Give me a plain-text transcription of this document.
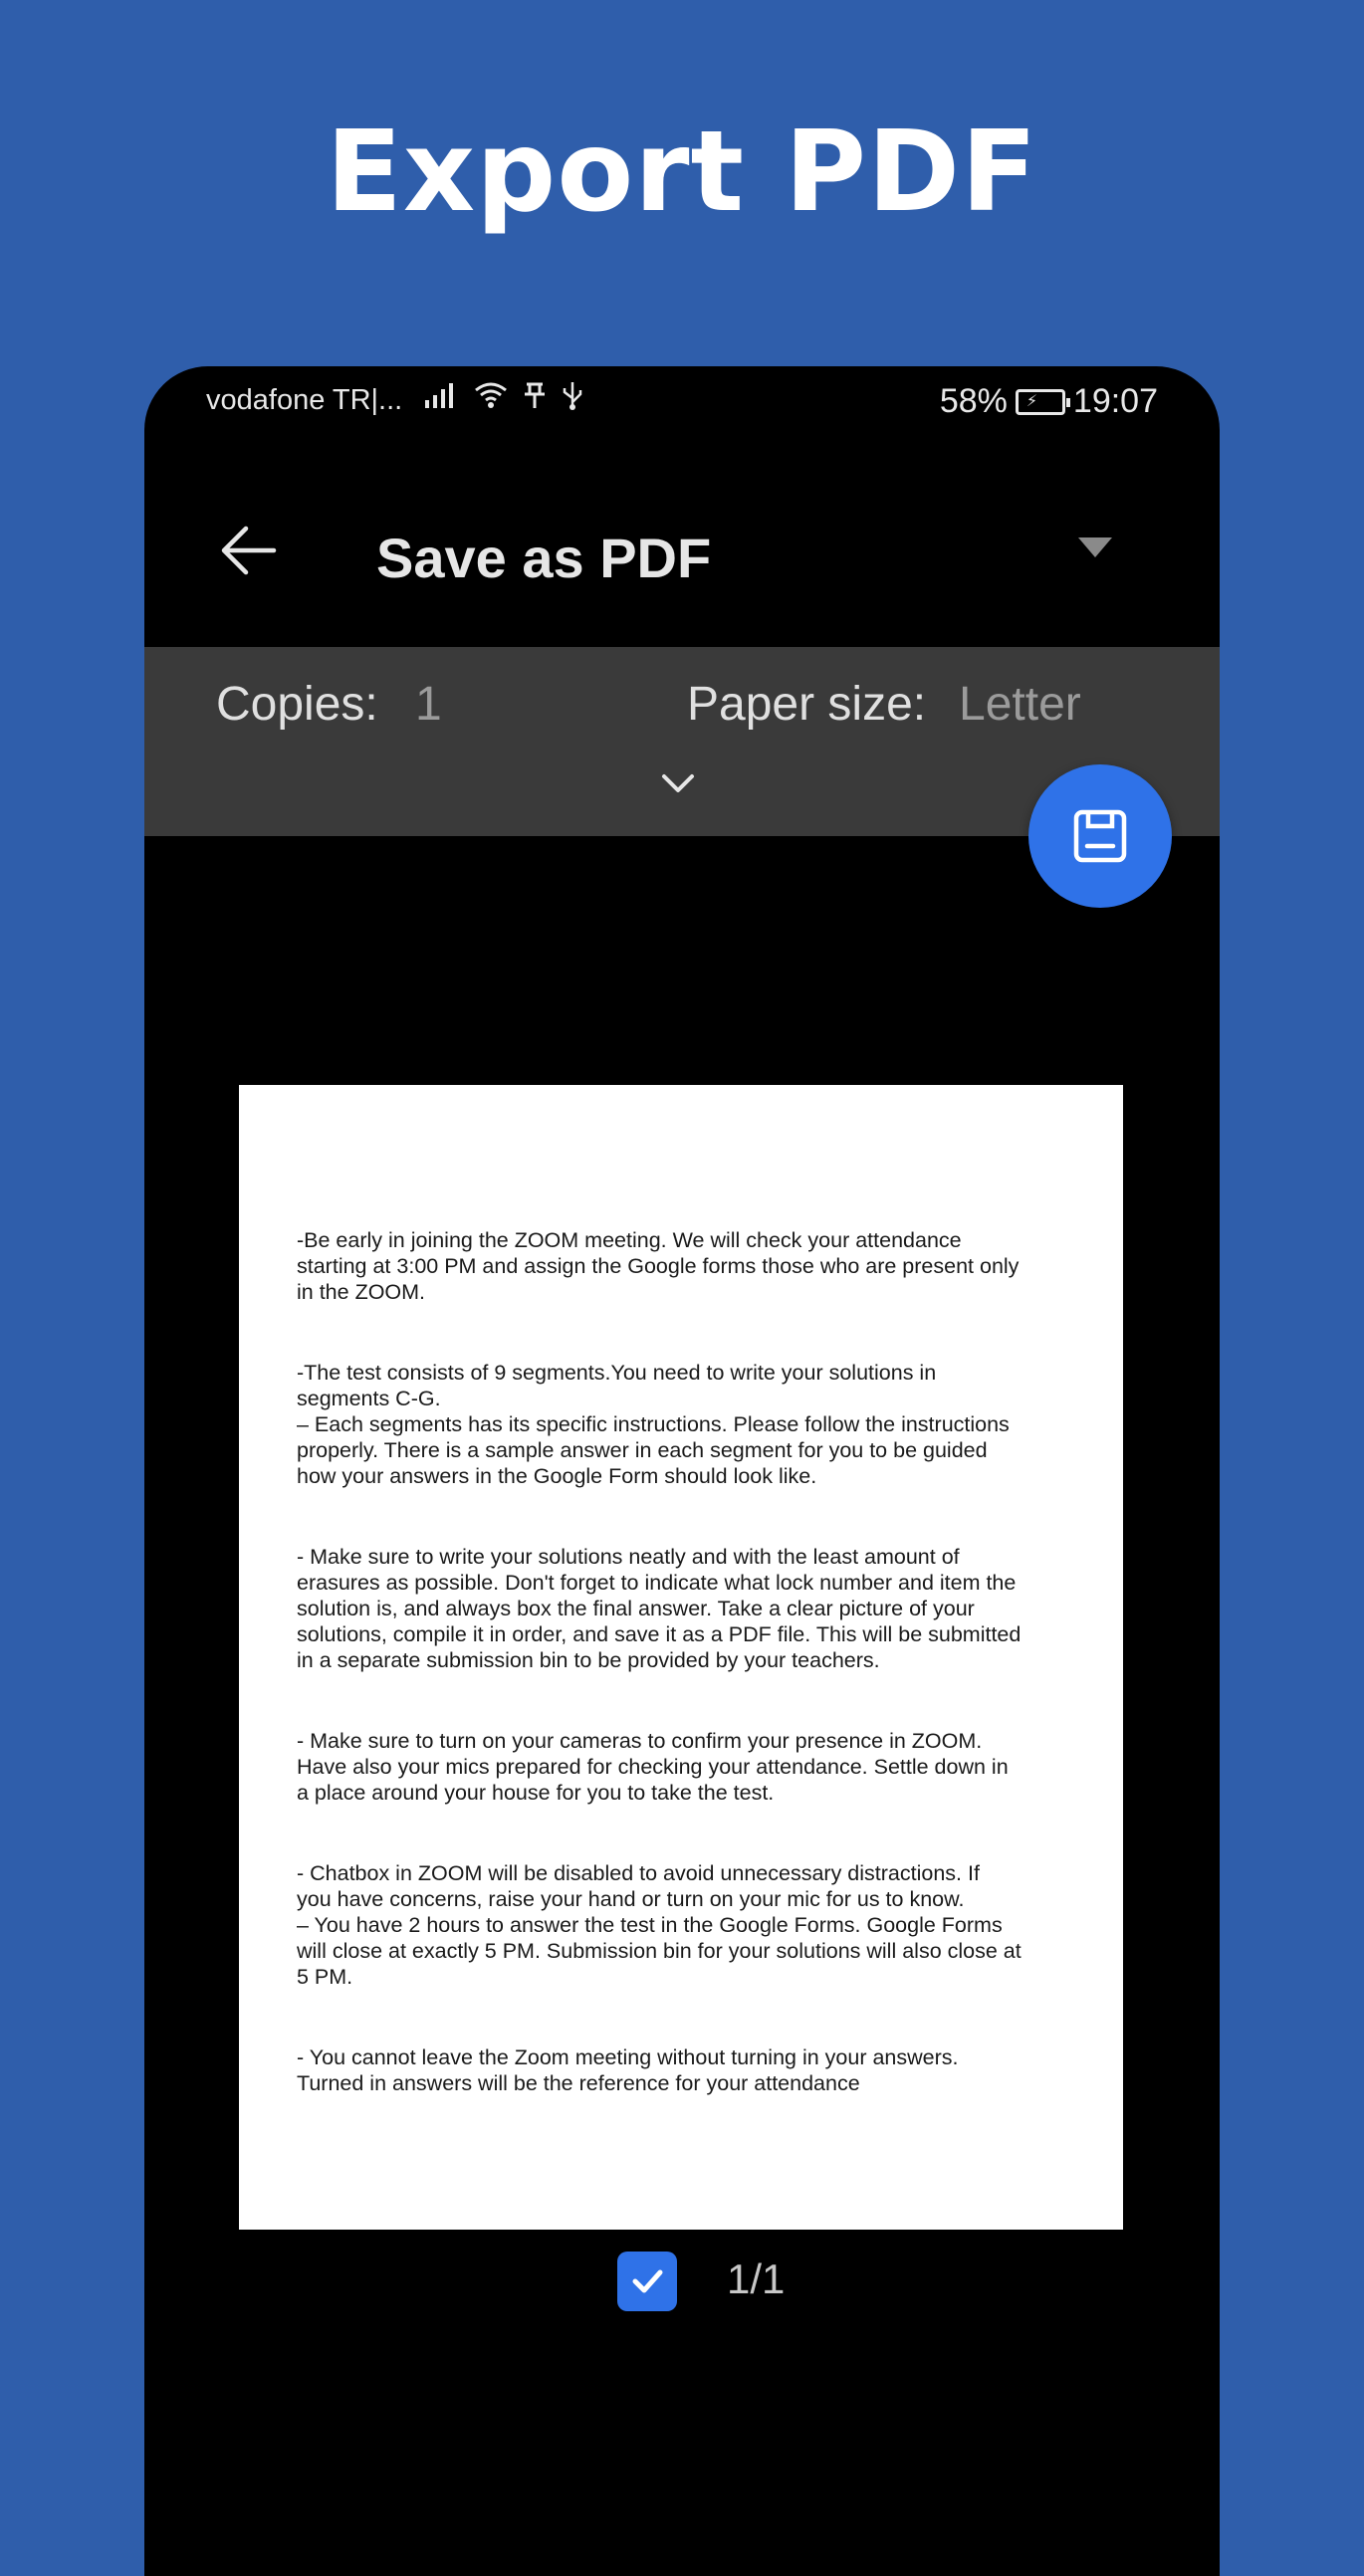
Export PDF
vodafone TR|...	58% ⚡ 19:07
Save as PDF
Copies: 1	Paper size: Letter

-Be early in joining the ZOOM meeting. We will check your attendance
starting at 3:00 PM and assign the Google forms those who are present only
in the ZOOM.

-The test consists of 9 segments.You need to write your solutions in
segments C-G.
– Each segments has its specific instructions. Please follow the instructions
properly. There is a sample answer in each segment for you to be guided
how your answers in the Google Form should look like.

- Make sure to write your solutions neatly and with the least amount of
erasures as possible. Don't forget to indicate what lock number and item the
solution is, and always box the final answer. Take a clear picture of your
solutions, compile it in order, and save it as a PDF file. This will be submitted
in a separate submission bin to be provided by your teachers.

- Make sure to turn on your cameras to confirm your presence in ZOOM.
Have also your mics prepared for checking your attendance. Settle down in
a place around your house for you to take the test.

- Chatbox in ZOOM will be disabled to avoid unnecessary distractions. If
you have concerns, raise your hand or turn on your mic for us to know.
– You have 2 hours to answer the test in the Google Forms. Google Forms
will close at exactly 5 PM. Submission bin for your solutions will also close at
5 PM.

- You cannot leave the Zoom meeting without turning in your answers.
Turned in answers will be the reference for your attendance

1/1
